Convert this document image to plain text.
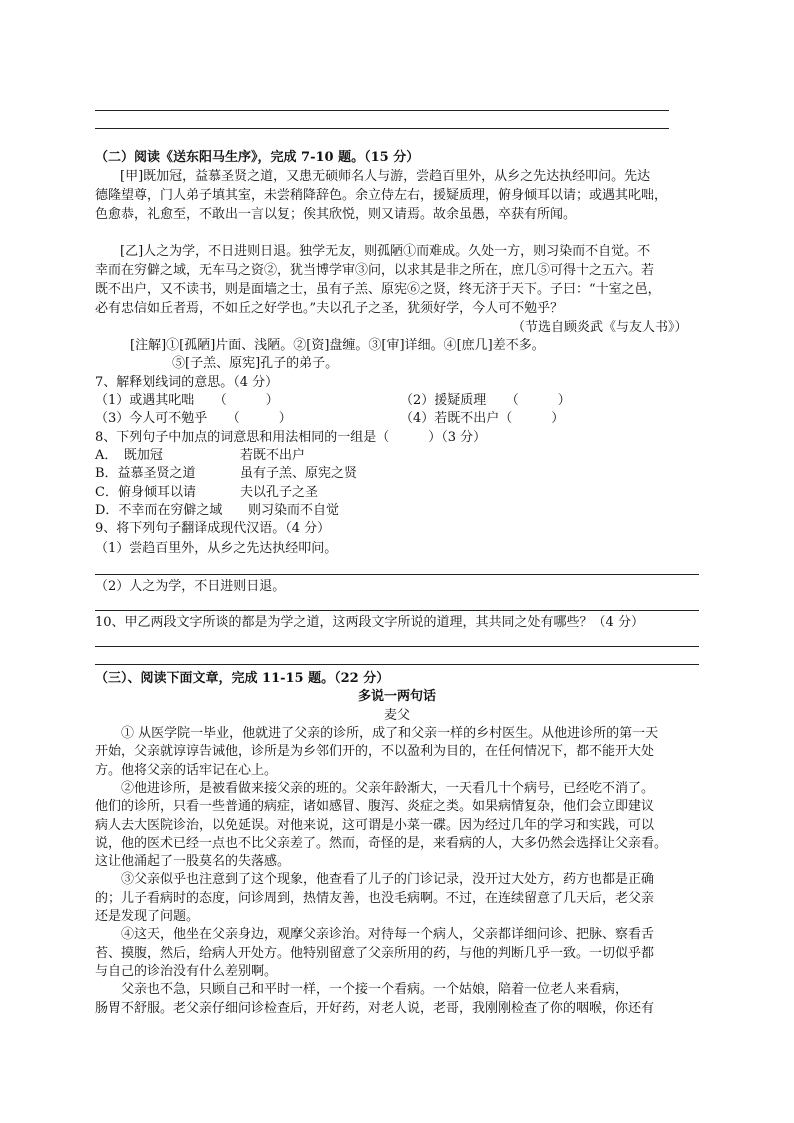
（二）阅读《送东阳马生序》，完成 7-10 题。（15 分）
[甲]既加冠，益慕圣贤之道，又患无硕师名人与游，尝趋百里外，从乡之先达执经叩问。先达
德隆望尊，门人弟子填其室，未尝稍降辞色。余立侍左右，援疑质理，俯身倾耳以请；或遇其叱咄，
色愈恭，礼愈至，不敢出一言以复；俟其欣悦，则又请焉。故余虽愚，卒获有所闻。
[乙]人之为学，不日进则日退。独学无友，则孤陋①而难成。久处一方，则习染而不自觉。不
幸而在穷僻之域，无车马之资②，犹当博学审③问，以求其是非之所在，庶几⑤可得十之五六。若
既不出户，又不读书，则是面墙之士，虽有子羔、原宪⑥之贤，终无济于天下。子曰：“十室之邑，
必有忠信如丘者焉，不如丘之好学也。”夫以孔子之圣，犹须好学，今人可不勉乎？
（节选自顾炎武《与友人书》）
[注解]①[孤陋]片面、浅陋。②[资]盘缠。③[审]详细。④[庶几]差不多。
⑤[子羔、原宪]孔子的弟子。
7、解释划线词的意思。（4 分）
（1）或遇其叱咄　　（　　　）	（2）援疑质理　　（　　　）
（3）今人可不勉乎　　（　　　）	（4）若既不出户（　　　）
8、下列句子中加点的词意思和用法相同的一组是（　　　）（3 分）
A．　既加冠	若既不出户
B．益慕圣贤之道	虽有子羔、原宪之贤
C．俯身倾耳以请	夫以孔子之圣
D．不幸而在穷僻之域 则习染而不自觉
9、将下列句子翻译成现代汉语。（4 分）
（1）尝趋百里外，从乡之先达执经叩问。
（2）人之为学，不日进则日退。
10、甲乙两段文字所谈的都是为学之道，这两段文字所说的道理，其共同之处有哪些？（4 分）
（三）、阅读下面文章，完成 11-15 题。（22 分）
多说一两句话
麦父
　　① 从医学院一毕业，他就进了父亲的诊所，成了和父亲一样的乡村医生。从他进诊所的第一天
开始，父亲就谆谆告诫他，诊所是为乡邻们开的，不以盈利为目的，在任何情况下，都不能开大处
方。他将父亲的话牢记在心上。
　　②他进诊所，是被看做来接父亲的班的。父亲年龄渐大，一天看几十个病号，已经吃不消了。
他们的诊所，只看一些普通的病症，诸如感冒、腹泻、炎症之类。如果病情复杂，他们会立即建议
病人去大医院诊治，以免延误。对他来说，这可谓是小菜一碟。因为经过几年的学习和实践，可以
说，他的医术已经一点也不比父亲差了。然而，奇怪的是，来看病的人，大多仍然会选择让父亲看。
这让他涌起了一股莫名的失落感。
　　③父亲似乎也注意到了这个现象，他查看了儿子的门诊记录，没开过大处方，药方也都是正确
的；儿子看病时的态度，问诊周到，热情友善，也没毛病啊。不过，在连续留意了几天后，老父亲
还是发现了问题。
　　④这天，他坐在父亲身边，观摩父亲诊治。对待每一个病人，父亲都详细问诊、把脉、察看舌
苔、摸腹，然后，给病人开处方。他特别留意了父亲所用的药，与他的判断几乎一致。一切似乎都
与自己的诊治没有什么差别啊。
　　父亲也不急，只顾自己和平时一样，一个接一个看病。一个姑娘，陪着一位老人来看病，
肠胃不舒服。老父亲仔细问诊检查后，开好药，对老人说，老哥，我刚刚检查了你的咽喉，你还有
